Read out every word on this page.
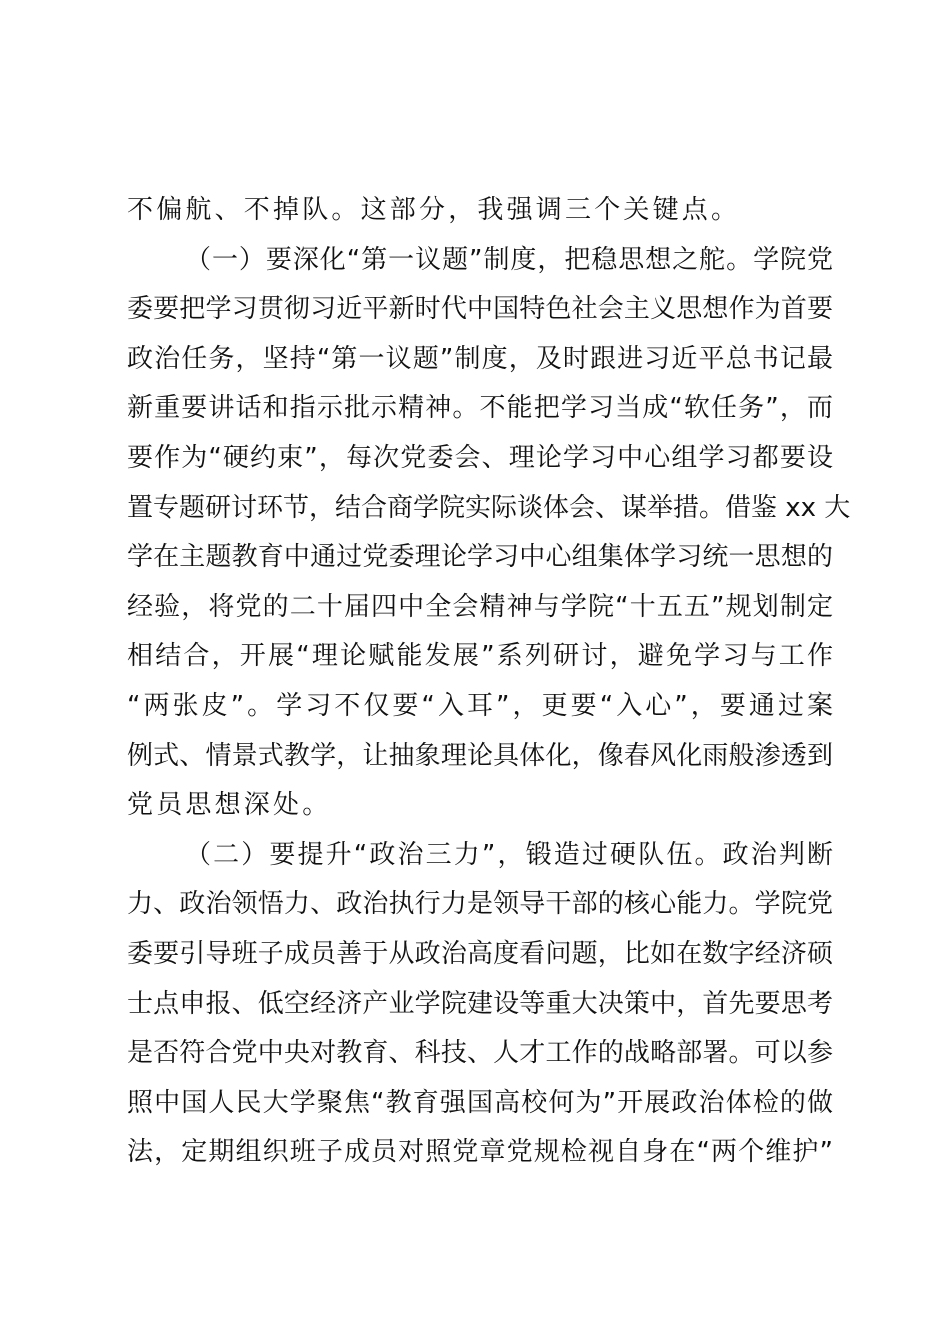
不偏航、不掉队。这部分，我强调三个关键点。
（一）要深化“第一议题”制度，把稳思想之舵。学院党
委要把学习贯彻习近平新时代中国特色社会主义思想作为首要
政治任务，坚持“第一议题”制度，及时跟进习近平总书记最
新重要讲话和指示批示精神。不能把学习当成“软任务”，而
要作为“硬约束”，每次党委会、理论学习中心组学习都要设
置专题研讨环节，结合商学院实际谈体会、谋举措。借鉴 xx 大
学在主题教育中通过党委理论学习中心组集体学习统一思想的
经验，将党的二十届四中全会精神与学院“十五五”规划制定
相结合，开展“理论赋能发展”系列研讨，避免学习与工作
“两张皮”。学习不仅要“入耳”，更要“入心”，要通过案
例式、情景式教学，让抽象理论具体化，像春风化雨般渗透到
党员思想深处。
（二）要提升“政治三力”，锻造过硬队伍。政治判断
力、政治领悟力、政治执行力是领导干部的核心能力。学院党
委要引导班子成员善于从政治高度看问题，比如在数字经济硕
士点申报、低空经济产业学院建设等重大决策中，首先要思考
是否符合党中央对教育、科技、人才工作的战略部署。可以参
照中国人民大学聚焦“教育强国高校何为”开展政治体检的做
法，定期组织班子成员对照党章党规检视自身在“两个维护”
